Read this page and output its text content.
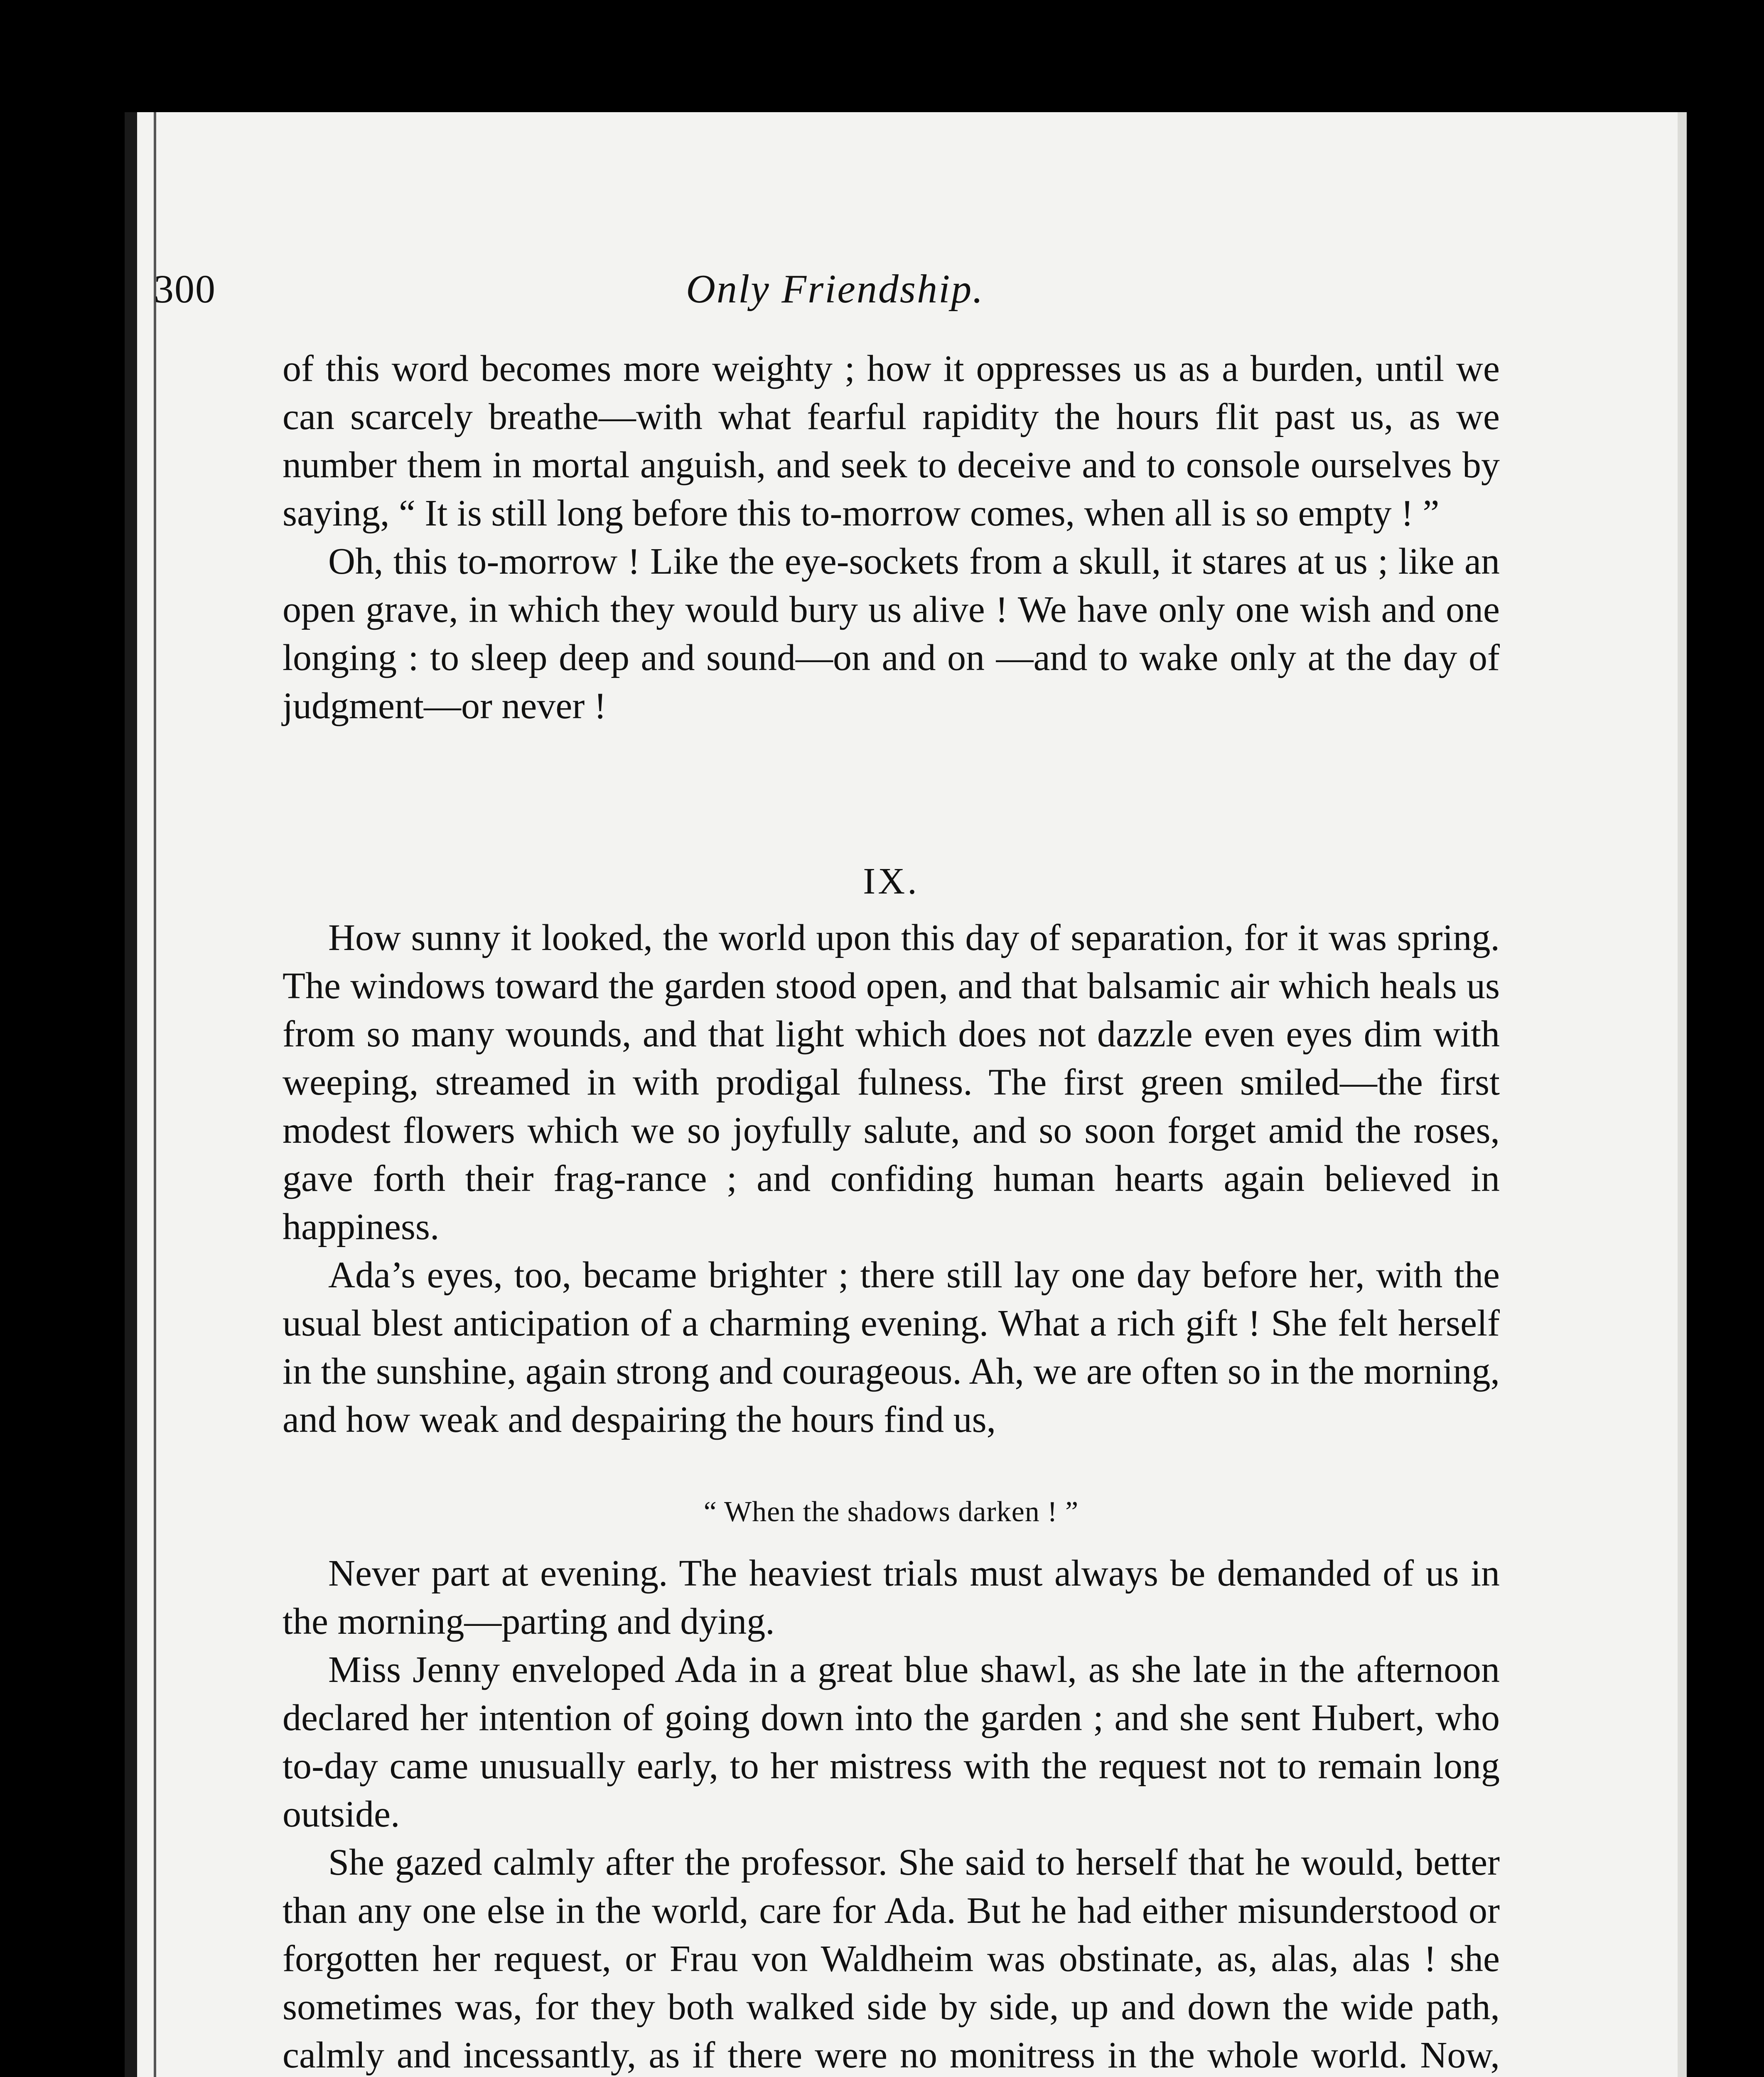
300	Only Friendship.

of this word becomes more weighty ; how it oppresses us as a burden, until we can scarcely breathe—with what fearful rapidity the hours flit past us, as we number them in mortal anguish, and seek to deceive and to console ourselves by saying, “ It is still long before this to-morrow comes, when all is so empty ! ”

Oh, this to-morrow ! Like the eye-sockets from a skull, it stares at us ; like an open grave, in which they would bury us alive ! We have only one wish and one longing : to sleep deep and sound—on and on —and to wake only at the day of judgment—or never !

IX.

How sunny it looked, the world upon this day of separation, for it was spring. The windows toward the garden stood open, and that balsamic air which heals us from so many wounds, and that light which does not dazzle even eyes dim with weeping, streamed in with prodigal fulness. The first green smiled—the first modest flowers which we so joyfully salute, and so soon forget amid the roses, gave forth their frag-rance ; and confiding human hearts again believed in happiness.

Ada’s eyes, too, became brighter ; there still lay one day before her, with the usual blest anticipation of a charming evening. What a rich gift ! She felt herself in the sunshine, again strong and courageous. Ah, we are often so in the morning, and how weak and despairing the hours find us,

“ When the shadows darken ! ”

Never part at evening. The heaviest trials must always be demanded of us in the morning—parting and dying.

Miss Jenny enveloped Ada in a great blue shawl, as she late in the afternoon declared her intention of going down into the garden ; and she sent Hubert, who to-day came unusually early, to her mistress with the request not to remain long outside.

She gazed calmly after the professor. She said to herself that he would, better than any one else in the world, care for Ada. But he had either misunderstood or forgotten her request, or Frau von Waldheim was obstinate, as, alas, alas ! she sometimes was, for they both walked side by side, up and down the wide path, calmly and incessantly, as if there were no monitress in the whole world. Now,
